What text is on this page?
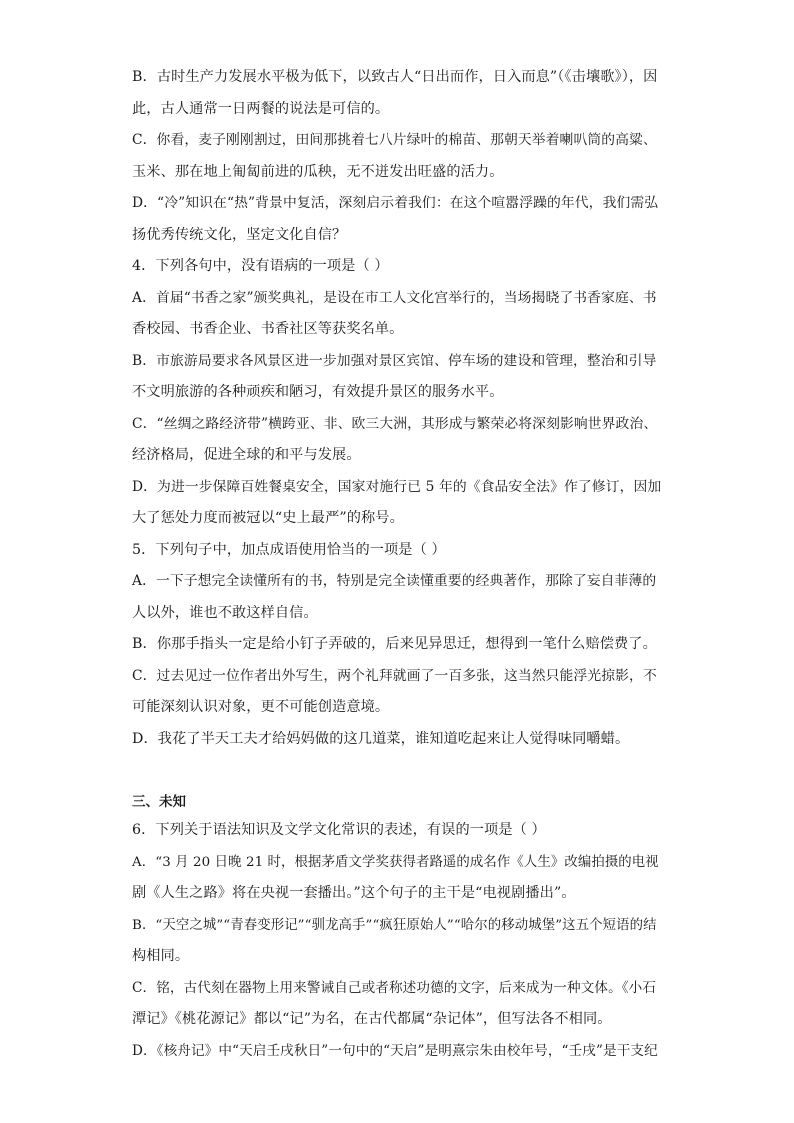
B．古时生产力发展水平极为低下，以致古人“日出而作，日入而息”（《击壤歌》），因
此，古人通常一日两餐的说法是可信的。
C．你看，麦子刚刚割过，田间那挑着七八片绿叶的棉苗、那朝天举着喇叭筒的高粱、
玉米、那在地上匍匐前进的瓜秧，无不迸发出旺盛的活力。
D．“冷”知识在“热”背景中复活，深刻启示着我们：在这个喧嚣浮躁的年代，我们需弘
扬优秀传统文化，坚定文化自信？
4．下列各句中，没有语病的一项是（ ）
A．首届“书香之家”颁奖典礼，是设在市工人文化宫举行的，当场揭晓了书香家庭、书
香校园、书香企业、书香社区等获奖名单。
B．市旅游局要求各风景区进一步加强对景区宾馆、停车场的建设和管理，整治和引导
不文明旅游的各种顽疾和陋习，有效提升景区的服务水平。
C．“丝绸之路经济带”横跨亚、非、欧三大洲，其形成与繁荣必将深刻影响世界政治、
经济格局，促进全球的和平与发展。
D．为进一步保障百姓餐桌安全，国家对施行已 5 年的《食品安全法》作了修订，因加
大了惩处力度而被冠以“史上最严”的称号。
5．下列句子中，加点成语使用恰当的一项是（ ）
A．一下子想完全读懂所有的书，特别是完全读懂重要的经典著作，那除了妄自菲薄的
人以外，谁也不敢这样自信。
B．你那手指头一定是给小钉子弄破的，后来见异思迁，想得到一笔什么赔偿费了。
C．过去见过一位作者出外写生，两个礼拜就画了一百多张，这当然只能浮光掠影，不
可能深刻认识对象，更不可能创造意境。
D．我花了半天工夫才给妈妈做的这几道菜，谁知道吃起来让人觉得味同嚼蜡。
三、未知
6．下列关于语法知识及文学文化常识的表述，有误的一项是（ ）
A．“3 月 20 日晚 21 时，根据茅盾文学奖获得者路遥的成名作《人生》改编拍摄的电视
剧《人生之路》将在央视一套播出。”这个句子的主干是“电视剧播出”。
B．“天空之城”“青春变形记”“驯龙高手”“疯狂原始人”“哈尔的移动城堡”这五个短语的结
构相同。
C．铭，古代刻在器物上用来警诫自己或者称述功德的文字，后来成为一种文体。《小石
潭记》《桃花源记》都以“记”为名，在古代都属“杂记体”，但写法各不相同。
D．《核舟记》中“天启壬戌秋日”一句中的“天启”是明熹宗朱由校年号，“壬戌”是干支纪
